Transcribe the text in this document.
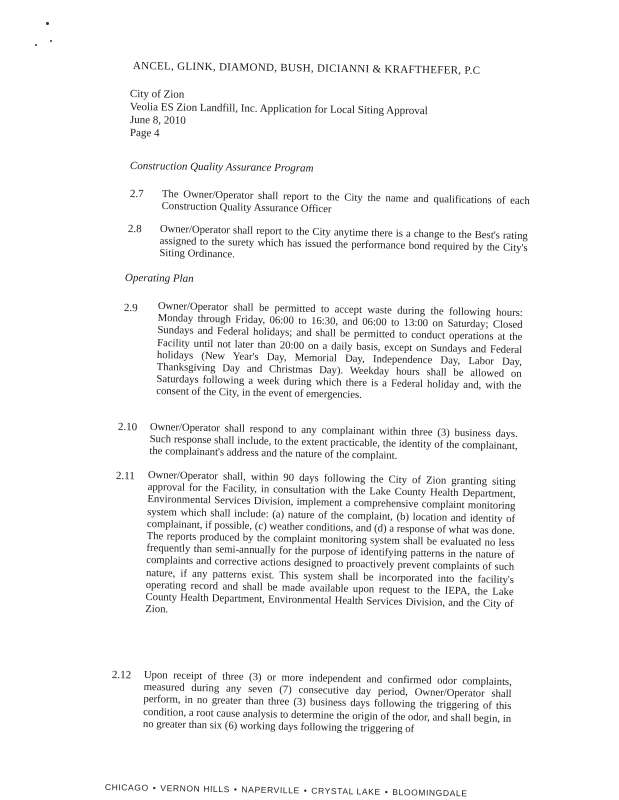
ANCEL, GLINK, DIAMOND, BUSH, DICIANNI & KRAFTHEFER, P.C
City of Zion
Veolia ES Zion Landfill, Inc. Application for Local Siting Approval
June 8, 2010
Page 4
Construction Quality Assurance Program
2.7 The Owner/Operator shall report to the City the name and qualifications of each Construction Quality Assurance Officer
2.8 Owner/Operator shall report to the City anytime there is a change to the Best's rating assigned to the surety which has issued the performance bond required by the City's Siting Ordinance.
Operating Plan
2.9 Owner/Operator shall be permitted to accept waste during the following hours: Monday through Friday, 06:00 to 16:30, and 06:00 to 13:00 on Saturday; Closed Sundays and Federal holidays; and shall be permitted to conduct operations at the Facility until not later than 20:00 on a daily basis, except on Sundays and Federal holidays (New Year's Day, Memorial Day, Independence Day, Labor Day, Thanksgiving Day and Christmas Day). Weekday hours shall be allowed on Saturdays following a week during which there is a Federal holiday and, with the consent of the City, in the event of emergencies.
2.10 Owner/Operator shall respond to any complainant within three (3) business days. Such response shall include, to the extent practicable, the identity of the complainant, the complainant's address and the nature of the complaint.
2.11 Owner/Operator shall, within 90 days following the City of Zion granting siting approval for the Facility, in consultation with the Lake County Health Department, Environmental Services Division, implement a comprehensive complaint monitoring system which shall include: (a) nature of the complaint, (b) location and identity of complainant, if possible, (c) weather conditions, and (d) a response of what was done. The reports produced by the complaint monitoring system shall be evaluated no less frequently than semi-annually for the purpose of identifying patterns in the nature of complaints and corrective actions designed to proactively prevent complaints of such nature, if any patterns exist. This system shall be incorporated into the facility's operating record and shall be made available upon request to the IEPA, the Lake County Health Department, Environmental Health Services Division, and the City of Zion.
2.12 Upon receipt of three (3) or more independent and confirmed odor complaints, measured during any seven (7) consecutive day period, Owner/Operator shall perform, in no greater than three (3) business days following the triggering of this condition, a root cause analysis to determine the origin of the odor, and shall begin, in no greater than six (6) working days following the triggering of
CHICAGO • VERNON HILLS • NAPERVILLE • CRYSTAL LAKE • BLOOMINGDALE
